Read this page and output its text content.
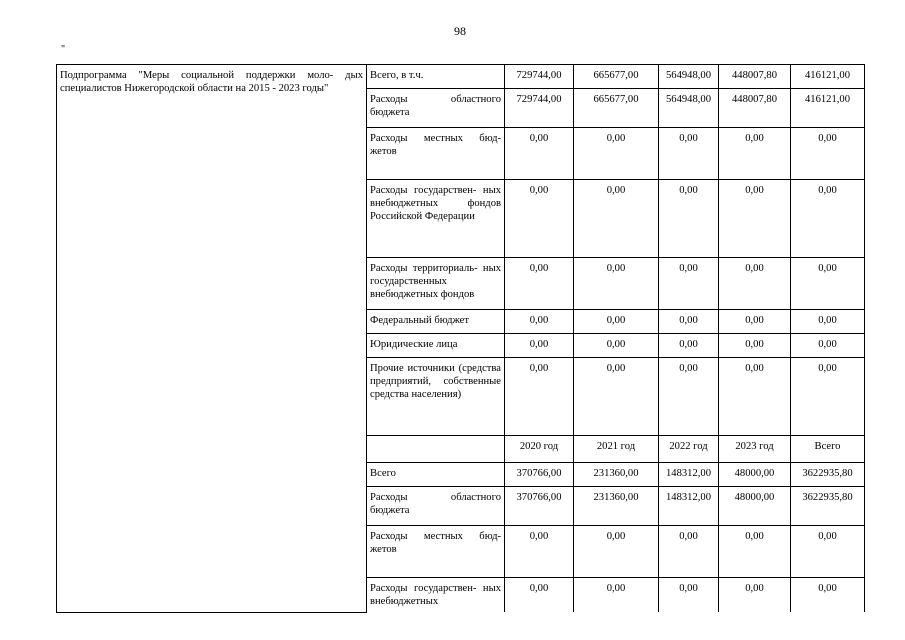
98
"
Подпрограмма "Меры социальной поддержки моло- дых специалистов Нижегородской области на 2015 - 2023 годы"	Всего, в т.ч.	729744,00	665677,00	564948,00	448007,80	416121,00
	Расходы областного бюджета	729744,00	665677,00	564948,00	448007,80	416121,00
	Расходы местных бюд- жетов	0,00	0,00	0,00	0,00	0,00
	Расходы государствен- ных внебюджетных фондов Российской Федерации	0,00	0,00	0,00	0,00	0,00
	Расходы территориаль- ных государственных внебюджетных фондов	0,00	0,00	0,00	0,00	0,00
	Федеральный бюджет	0,00	0,00	0,00	0,00	0,00
	Юридические лица	0,00	0,00	0,00	0,00	0,00
	Прочие источники (средства предприятий, собственные средства населения)	0,00	0,00	0,00	0,00	0,00
		2020 год	2021 год	2022 год	2023 год	Всего
	Всего	370766,00	231360,00	148312,00	48000,00	3622935,80
	Расходы областного бюджета	370766,00	231360,00	148312,00	48000,00	3622935,80
	Расходы местных бюд- жетов	0,00	0,00	0,00	0,00	0,00
	Расходы государствен- ных внебюджетных	0,00	0,00	0,00	0,00	0,00
